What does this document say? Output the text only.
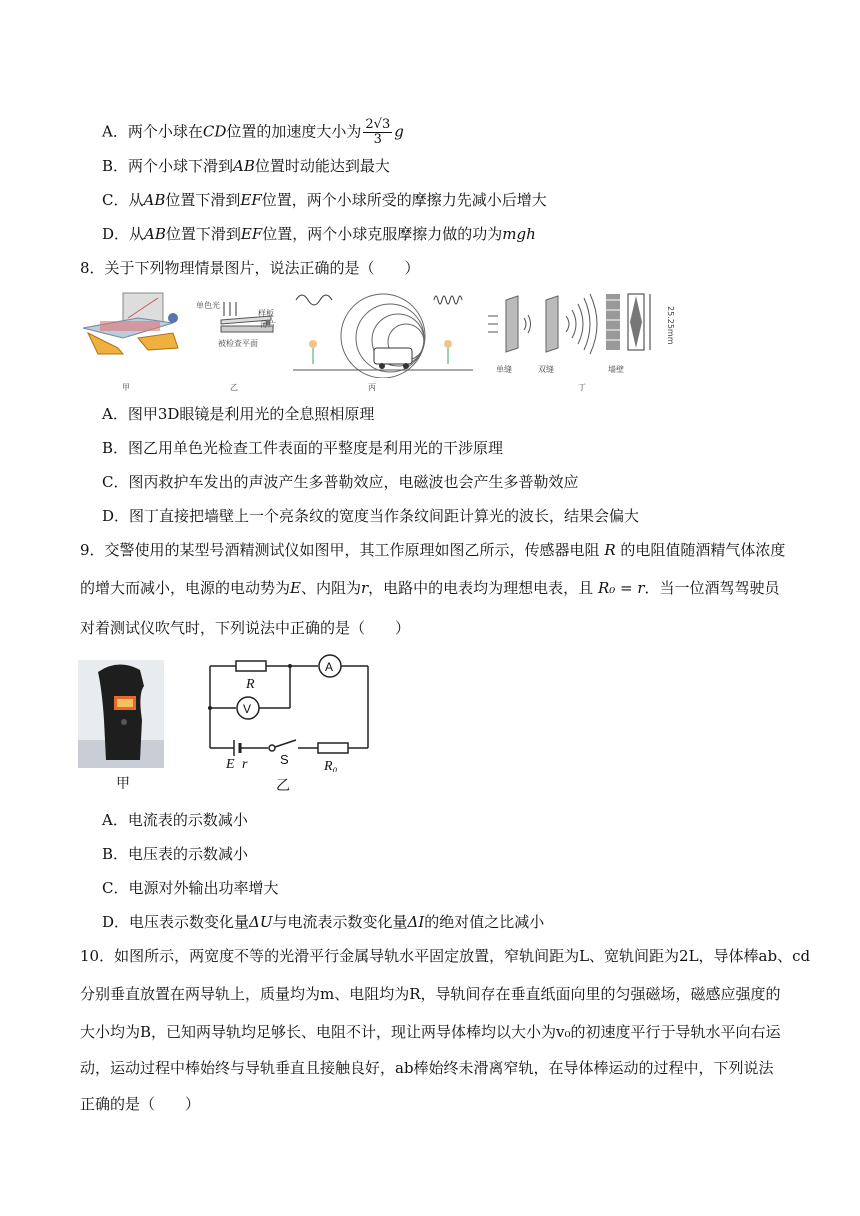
A．两个小球在CD位置的加速度大小为 $\frac{2√3}{3}$ g
B．两个小球下滑到AB位置时动能达到最大
C．从AB位置下滑到EF位置，两个小球所受的摩擦力先减小后增大
D．从AB位置下滑到EF位置，两个小球克服摩擦力做的功为mgh
8．关于下列物理情景图片，说法正确的是（　　）
单色光
样板
薄片
被检查平面
单缝	双缝	墙壁
25.25mm
甲	乙	丙	丁
A．图甲3D眼镜是利用光的全息照相原理
B．图乙用单色光检查工件表面的平整度是利用光的干涉原理
C．图丙救护车发出的声波产生多普勒效应，电磁波也会产生多普勒效应
D．图丁直接把墙壁上一个亮条纹的宽度当作条纹间距计算光的波长，结果会偏大
9．交警使用的某型号酒精测试仪如图甲，其工作原理如图乙所示，传感器电阻 R 的电阻值随酒精气体浓度
的增大而减小，电源的电动势为E、内阻为r，电路中的电表均为理想电表，且 R₀ = r．当一位酒驾驾驶员
对着测试仪吹气时，下列说法中正确的是（　　）
甲
R
A
V
E r	S	R₀
乙
A．电流表的示数减小
B．电压表的示数减小
C．电源对外输出功率增大
D．电压表示数变化量ΔU与电流表示数变化量ΔI的绝对值之比减小
10．如图所示，两宽度不等的光滑平行金属导轨水平固定放置，窄轨间距为L、宽轨间距为2L，导体棒ab、cd
分别垂直放置在两导轨上，质量均为m、电阻均为R，导轨间存在垂直纸面向里的匀强磁场，磁感应强度的
大小均为B，已知两导轨均足够长、电阻不计，现让两导体棒均以大小为v₀的初速度平行于导轨水平向右运
动，运动过程中棒始终与导轨垂直且接触良好，ab棒始终未滑离窄轨，在导体棒运动的过程中，下列说法
正确的是（　　）
